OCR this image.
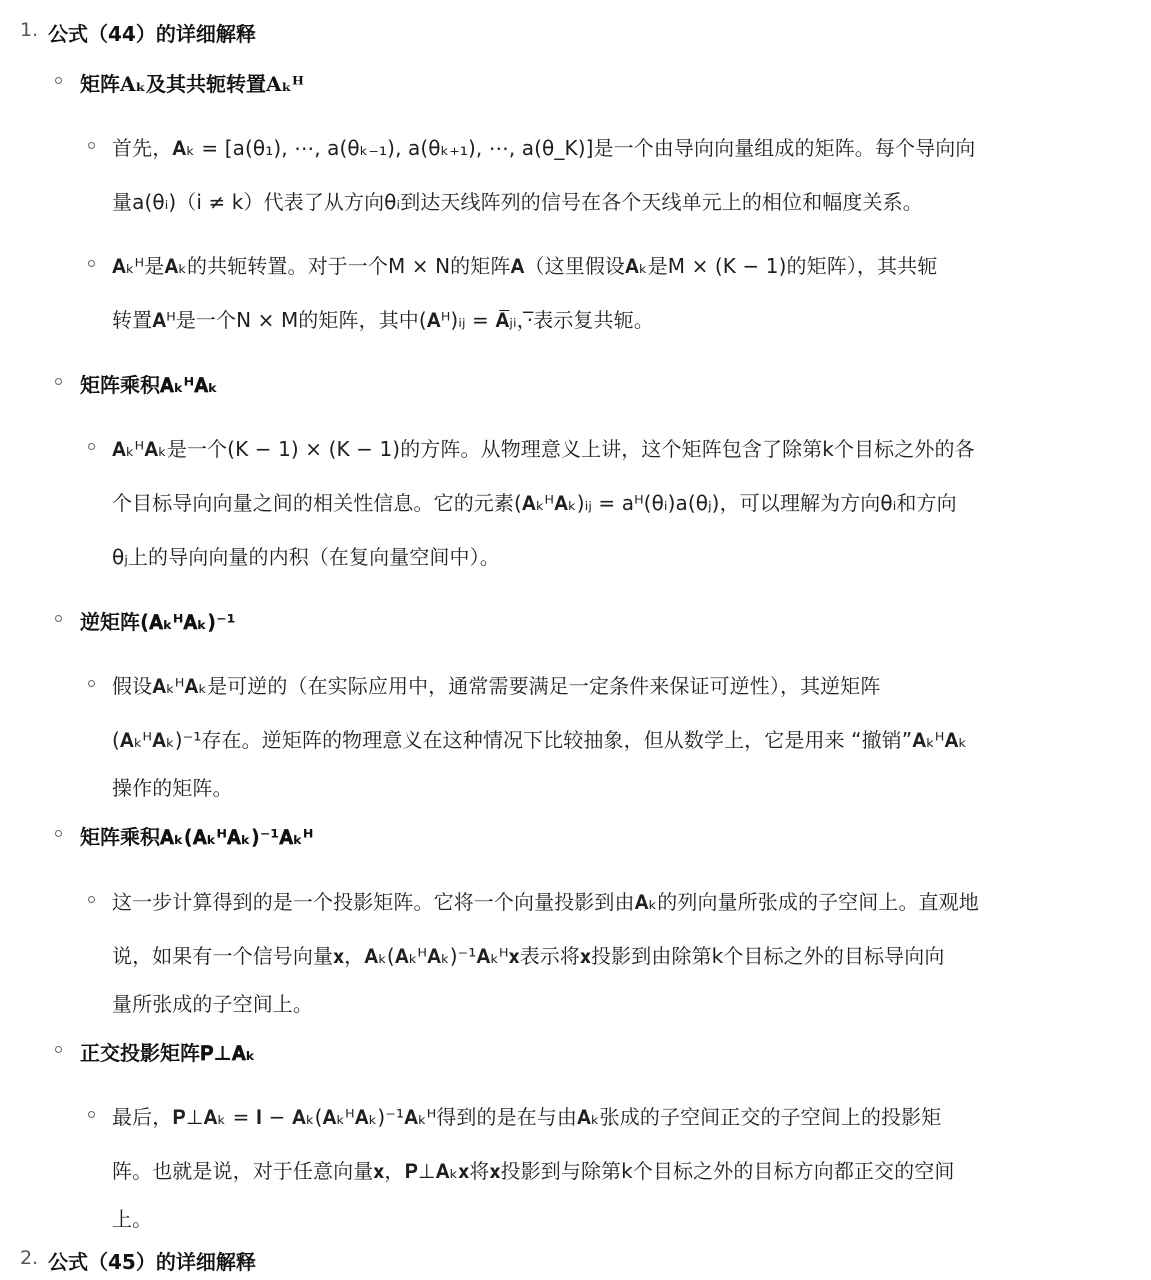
1. 公式（44）的详细解释
矩阵𝐀ₖ及其共轭转置𝐀ₖᴴ
首先，𝐀ₖ = [a(θ₁), ⋯, a(θₖ₋₁), a(θₖ₊₁), ⋯, a(θ_K)]是一个由导向向量组成的矩阵。每个导向向
量a(θᵢ)（i ≠ k）代表了从方向θᵢ到达天线阵列的信号在各个天线单元上的相位和幅度关系。
𝐀ₖᴴ是𝐀ₖ的共轭转置。对于一个M × N的矩阵𝐀（这里假设𝐀ₖ是M × (K − 1)的矩阵），其共轭
转置𝐀ᴴ是一个N × M的矩阵，其中(𝐀ᴴ)ᵢⱼ = 𝐀̅ⱼᵢ，·̅表示复共轭。
矩阵乘积𝐀ₖᴴ𝐀ₖ
𝐀ₖᴴ𝐀ₖ是一个(K − 1) × (K − 1)的方阵。从物理意义上讲，这个矩阵包含了除第k个目标之外的各
个目标导向向量之间的相关性信息。它的元素(𝐀ₖᴴ𝐀ₖ)ᵢⱼ = aᴴ(θᵢ)a(θⱼ)，可以理解为方向θᵢ和方向
θⱼ上的导向向量的内积（在复向量空间中）。
逆矩阵(𝐀ₖᴴ𝐀ₖ)⁻¹
假设𝐀ₖᴴ𝐀ₖ是可逆的（在实际应用中，通常需要满足一定条件来保证可逆性），其逆矩阵
(𝐀ₖᴴ𝐀ₖ)⁻¹存在。逆矩阵的物理意义在这种情况下比较抽象，但从数学上，它是用来 “撤销”𝐀ₖᴴ𝐀ₖ
操作的矩阵。
矩阵乘积𝐀ₖ(𝐀ₖᴴ𝐀ₖ)⁻¹𝐀ₖᴴ
这一步计算得到的是一个投影矩阵。它将一个向量投影到由𝐀ₖ的列向量所张成的子空间上。直观地
说，如果有一个信号向量𝐱，𝐀ₖ(𝐀ₖᴴ𝐀ₖ)⁻¹𝐀ₖᴴ𝐱表示将𝐱投影到由除第k个目标之外的目标导向向
量所张成的子空间上。
正交投影矩阵𝐏⊥𝐀ₖ
最后，𝐏⊥𝐀ₖ = 𝐈 − 𝐀ₖ(𝐀ₖᴴ𝐀ₖ)⁻¹𝐀ₖᴴ得到的是在与由𝐀ₖ张成的子空间正交的子空间上的投影矩
阵。也就是说，对于任意向量𝐱，𝐏⊥𝐀ₖ𝐱将𝐱投影到与除第k个目标之外的目标方向都正交的空间
上。
2. 公式（45）的详细解释
